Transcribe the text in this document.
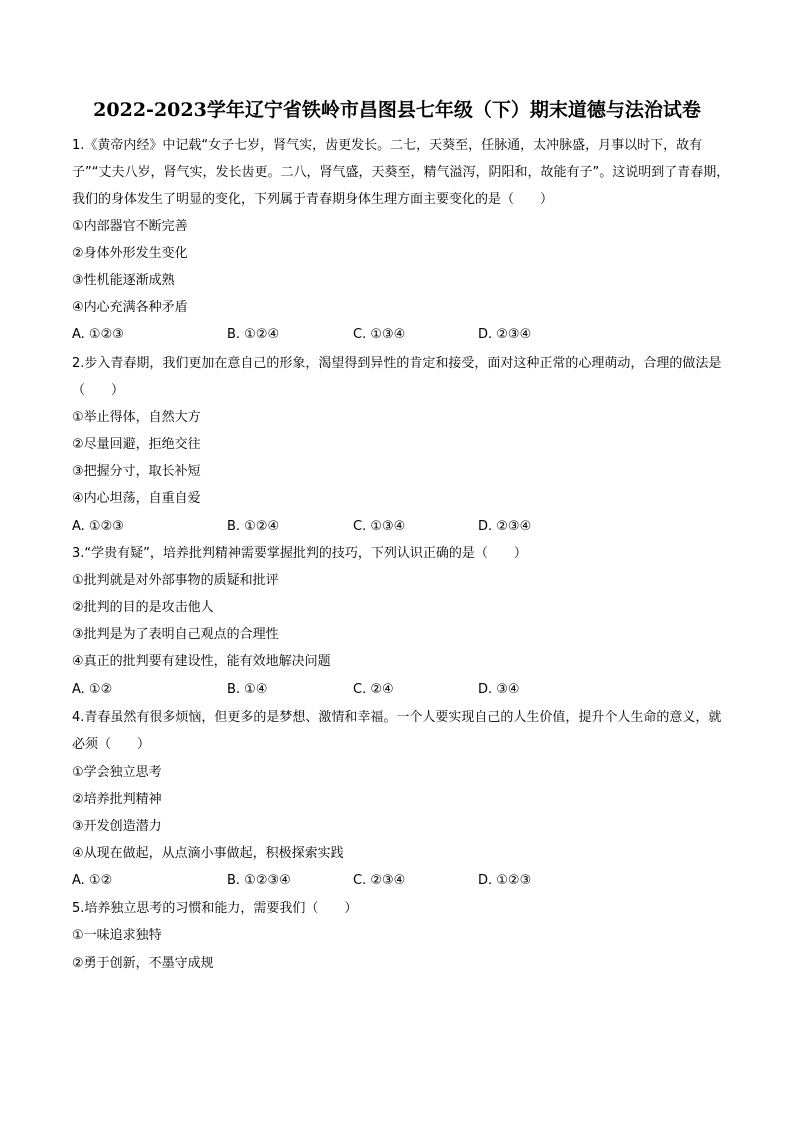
2022-2023学年辽宁省铁岭市昌图县七年级（下）期末道德与法治试卷

1.《黄帝内经》中记载“女子七岁，肾气实，齿更发长。二七，天葵至，任脉通，太冲脉盛，月事以时下，故有子”“丈夫八岁，肾气实，发长齿更。二八，肾气盛，天葵至，精气溢泻，阴阳和，故能有子”。这说明到了青春期，我们的身体发生了明显的变化，下列属于青春期身体生理方面主要变化的是（　　）

①内部器官不断完善
②身体外形发生变化
③性机能逐渐成熟
④内心充满各种矛盾
A. ①②③	B. ①②④	C. ①③④	D. ②③④

2.步入青春期，我们更加在意自己的形象，渴望得到异性的肯定和接受，面对这种正常的心理萌动，合理的做法是（　　）

①举止得体，自然大方
②尽量回避，拒绝交往
③把握分寸，取长补短
④内心坦荡，自重自爱
A. ①②③	B. ①②④	C. ①③④	D. ②③④

3.“学贵有疑”，培养批判精神需要掌握批判的技巧，下列认识正确的是（　　）

①批判就是对外部事物的质疑和批评
②批判的目的是攻击他人
③批判是为了表明自己观点的合理性
④真正的批判要有建设性，能有效地解决问题
A. ①②	B. ①④	C. ②④	D. ③④

4.青春虽然有很多烦恼，但更多的是梦想、激情和幸福。一个人要实现自己的人生价值，提升个人生命的意义，就必须（　　）

①学会独立思考
②培养批判精神
③开发创造潜力
④从现在做起，从点滴小事做起，积极探索实践
A. ①②	B. ①②③④	C. ②③④	D. ①②③

5.培养独立思考的习惯和能力，需要我们（　　）

①一味追求独特
②勇于创新，不墨守成规
